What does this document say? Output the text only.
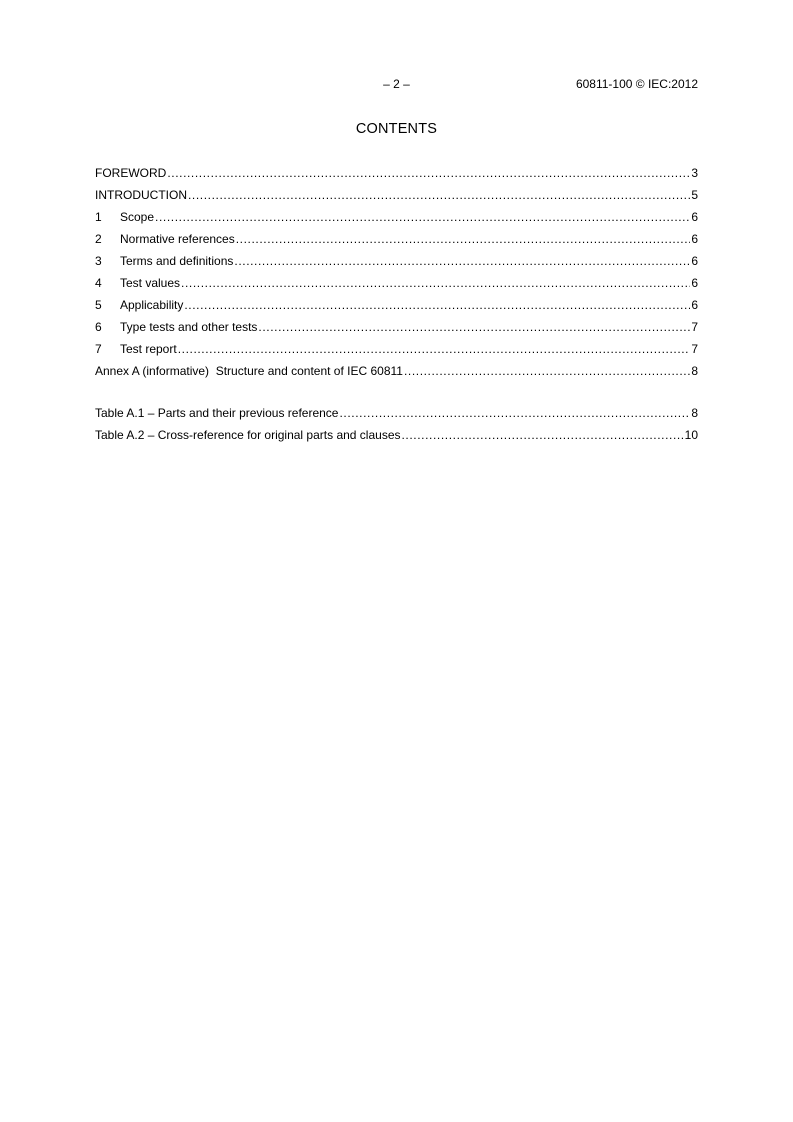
– 2 –	60811-100 © IEC:2012
CONTENTS
FOREWORD .....	3
INTRODUCTION .....	5
1	Scope .....	6
2	Normative references .....	6
3	Terms and definitions .....	6
4	Test values .....	6
5	Applicability .....	6
6	Type tests and other tests .....	7
7	Test report .....	7
Annex A (informative)  Structure and content of IEC 60811 .....	8
Table A.1 – Parts and their previous reference .....	8
Table A.2 – Cross-reference for original parts and clauses .....	10
